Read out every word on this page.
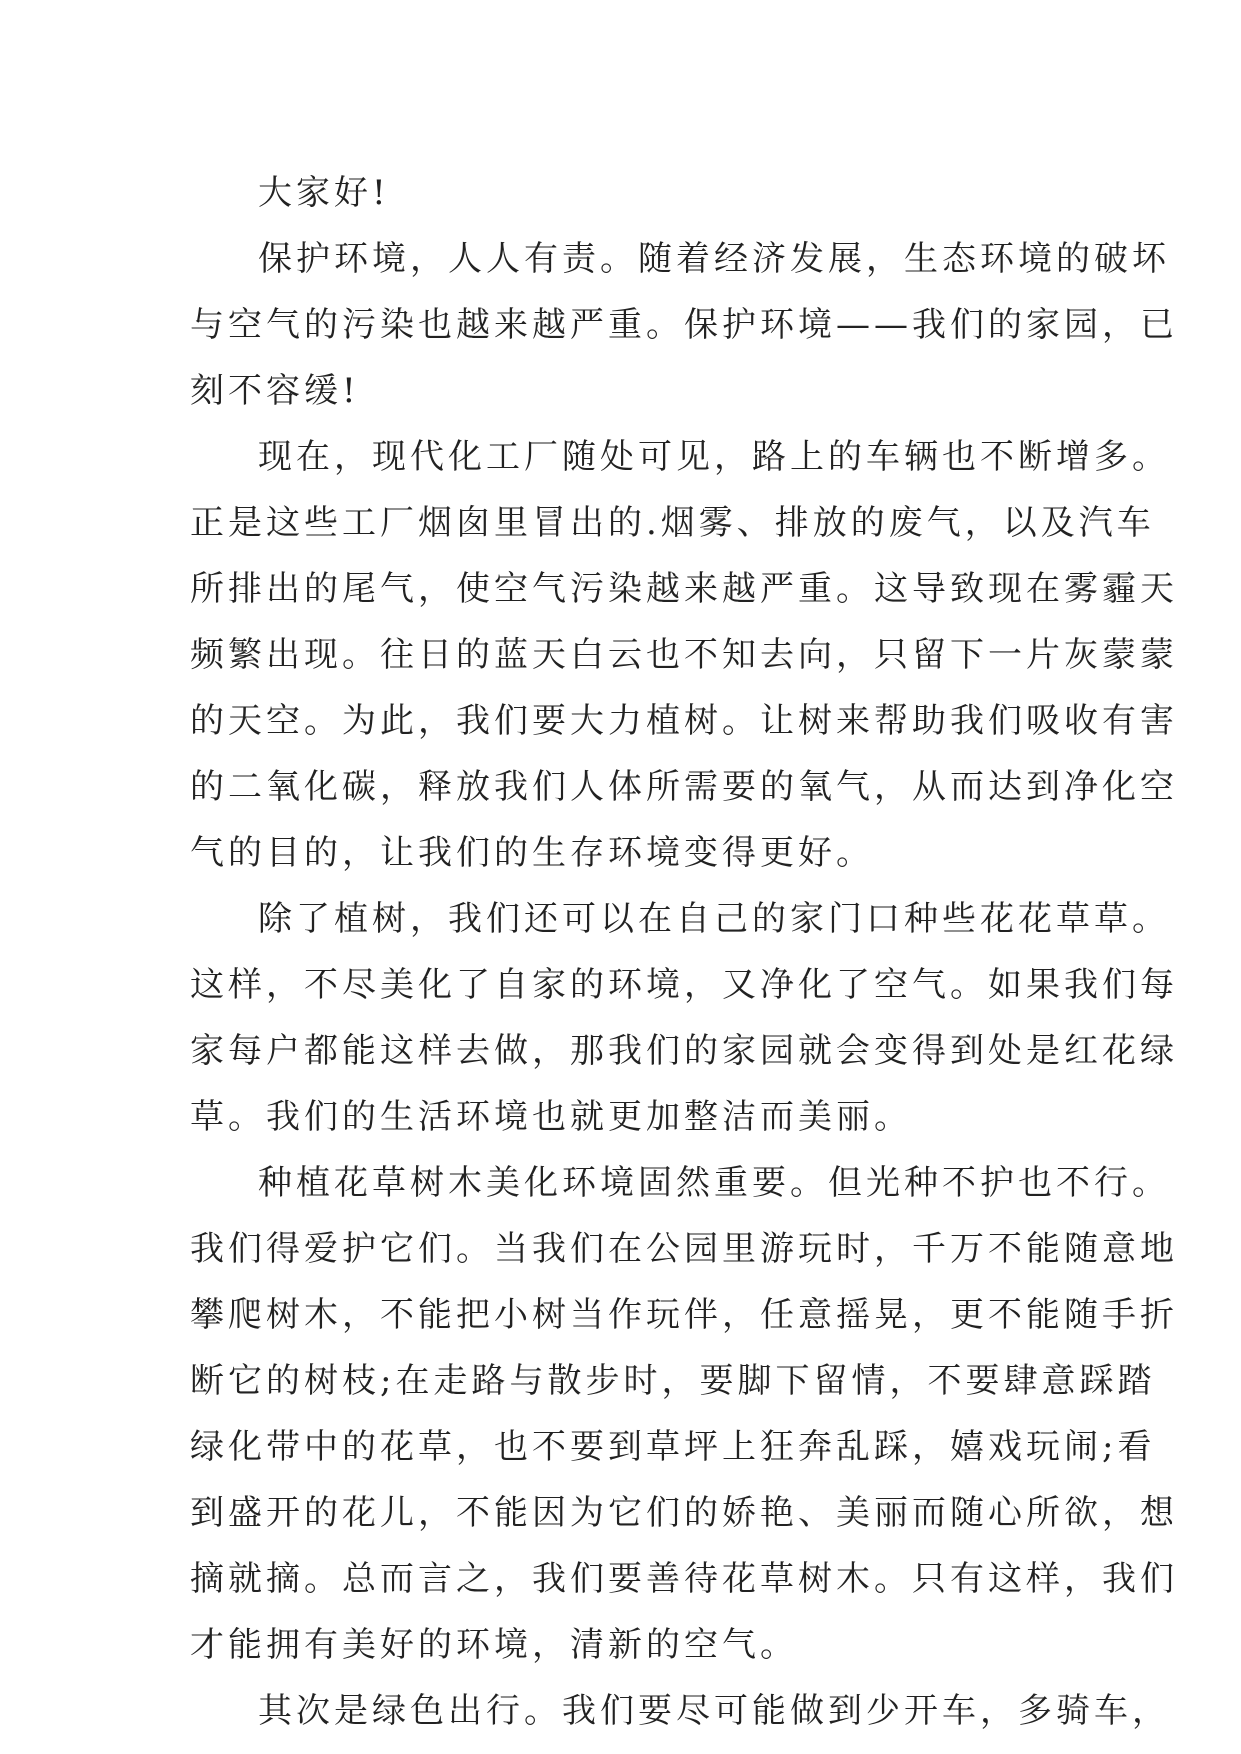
大家好!
保护环境，人人有责。随着经济发展，生态环境的破坏
与空气的污染也越来越严重。保护环境——我们的家园，已
刻不容缓!
现在，现代化工厂随处可见，路上的车辆也不断增多。
正是这些工厂烟囱里冒出的.烟雾、排放的废气，以及汽车
所排出的尾气，使空气污染越来越严重。这导致现在雾霾天
频繁出现。往日的蓝天白云也不知去向，只留下一片灰蒙蒙
的天空。为此，我们要大力植树。让树来帮助我们吸收有害
的二氧化碳，释放我们人体所需要的氧气，从而达到净化空
气的目的，让我们的生存环境变得更好。
除了植树，我们还可以在自己的家门口种些花花草草。
这样，不尽美化了自家的环境，又净化了空气。如果我们每
家每户都能这样去做，那我们的家园就会变得到处是红花绿
草。我们的生活环境也就更加整洁而美丽。
种植花草树木美化环境固然重要。但光种不护也不行。
我们得爱护它们。当我们在公园里游玩时，千万不能随意地
攀爬树木，不能把小树当作玩伴，任意摇晃，更不能随手折
断它的树枝;在走路与散步时，要脚下留情，不要肆意踩踏
绿化带中的花草，也不要到草坪上狂奔乱踩，嬉戏玩闹;看
到盛开的花儿，不能因为它们的娇艳、美丽而随心所欲，想
摘就摘。总而言之，我们要善待花草树木。只有这样，我们
才能拥有美好的环境，清新的空气。
其次是绿色出行。我们要尽可能做到少开车，多骑车，
